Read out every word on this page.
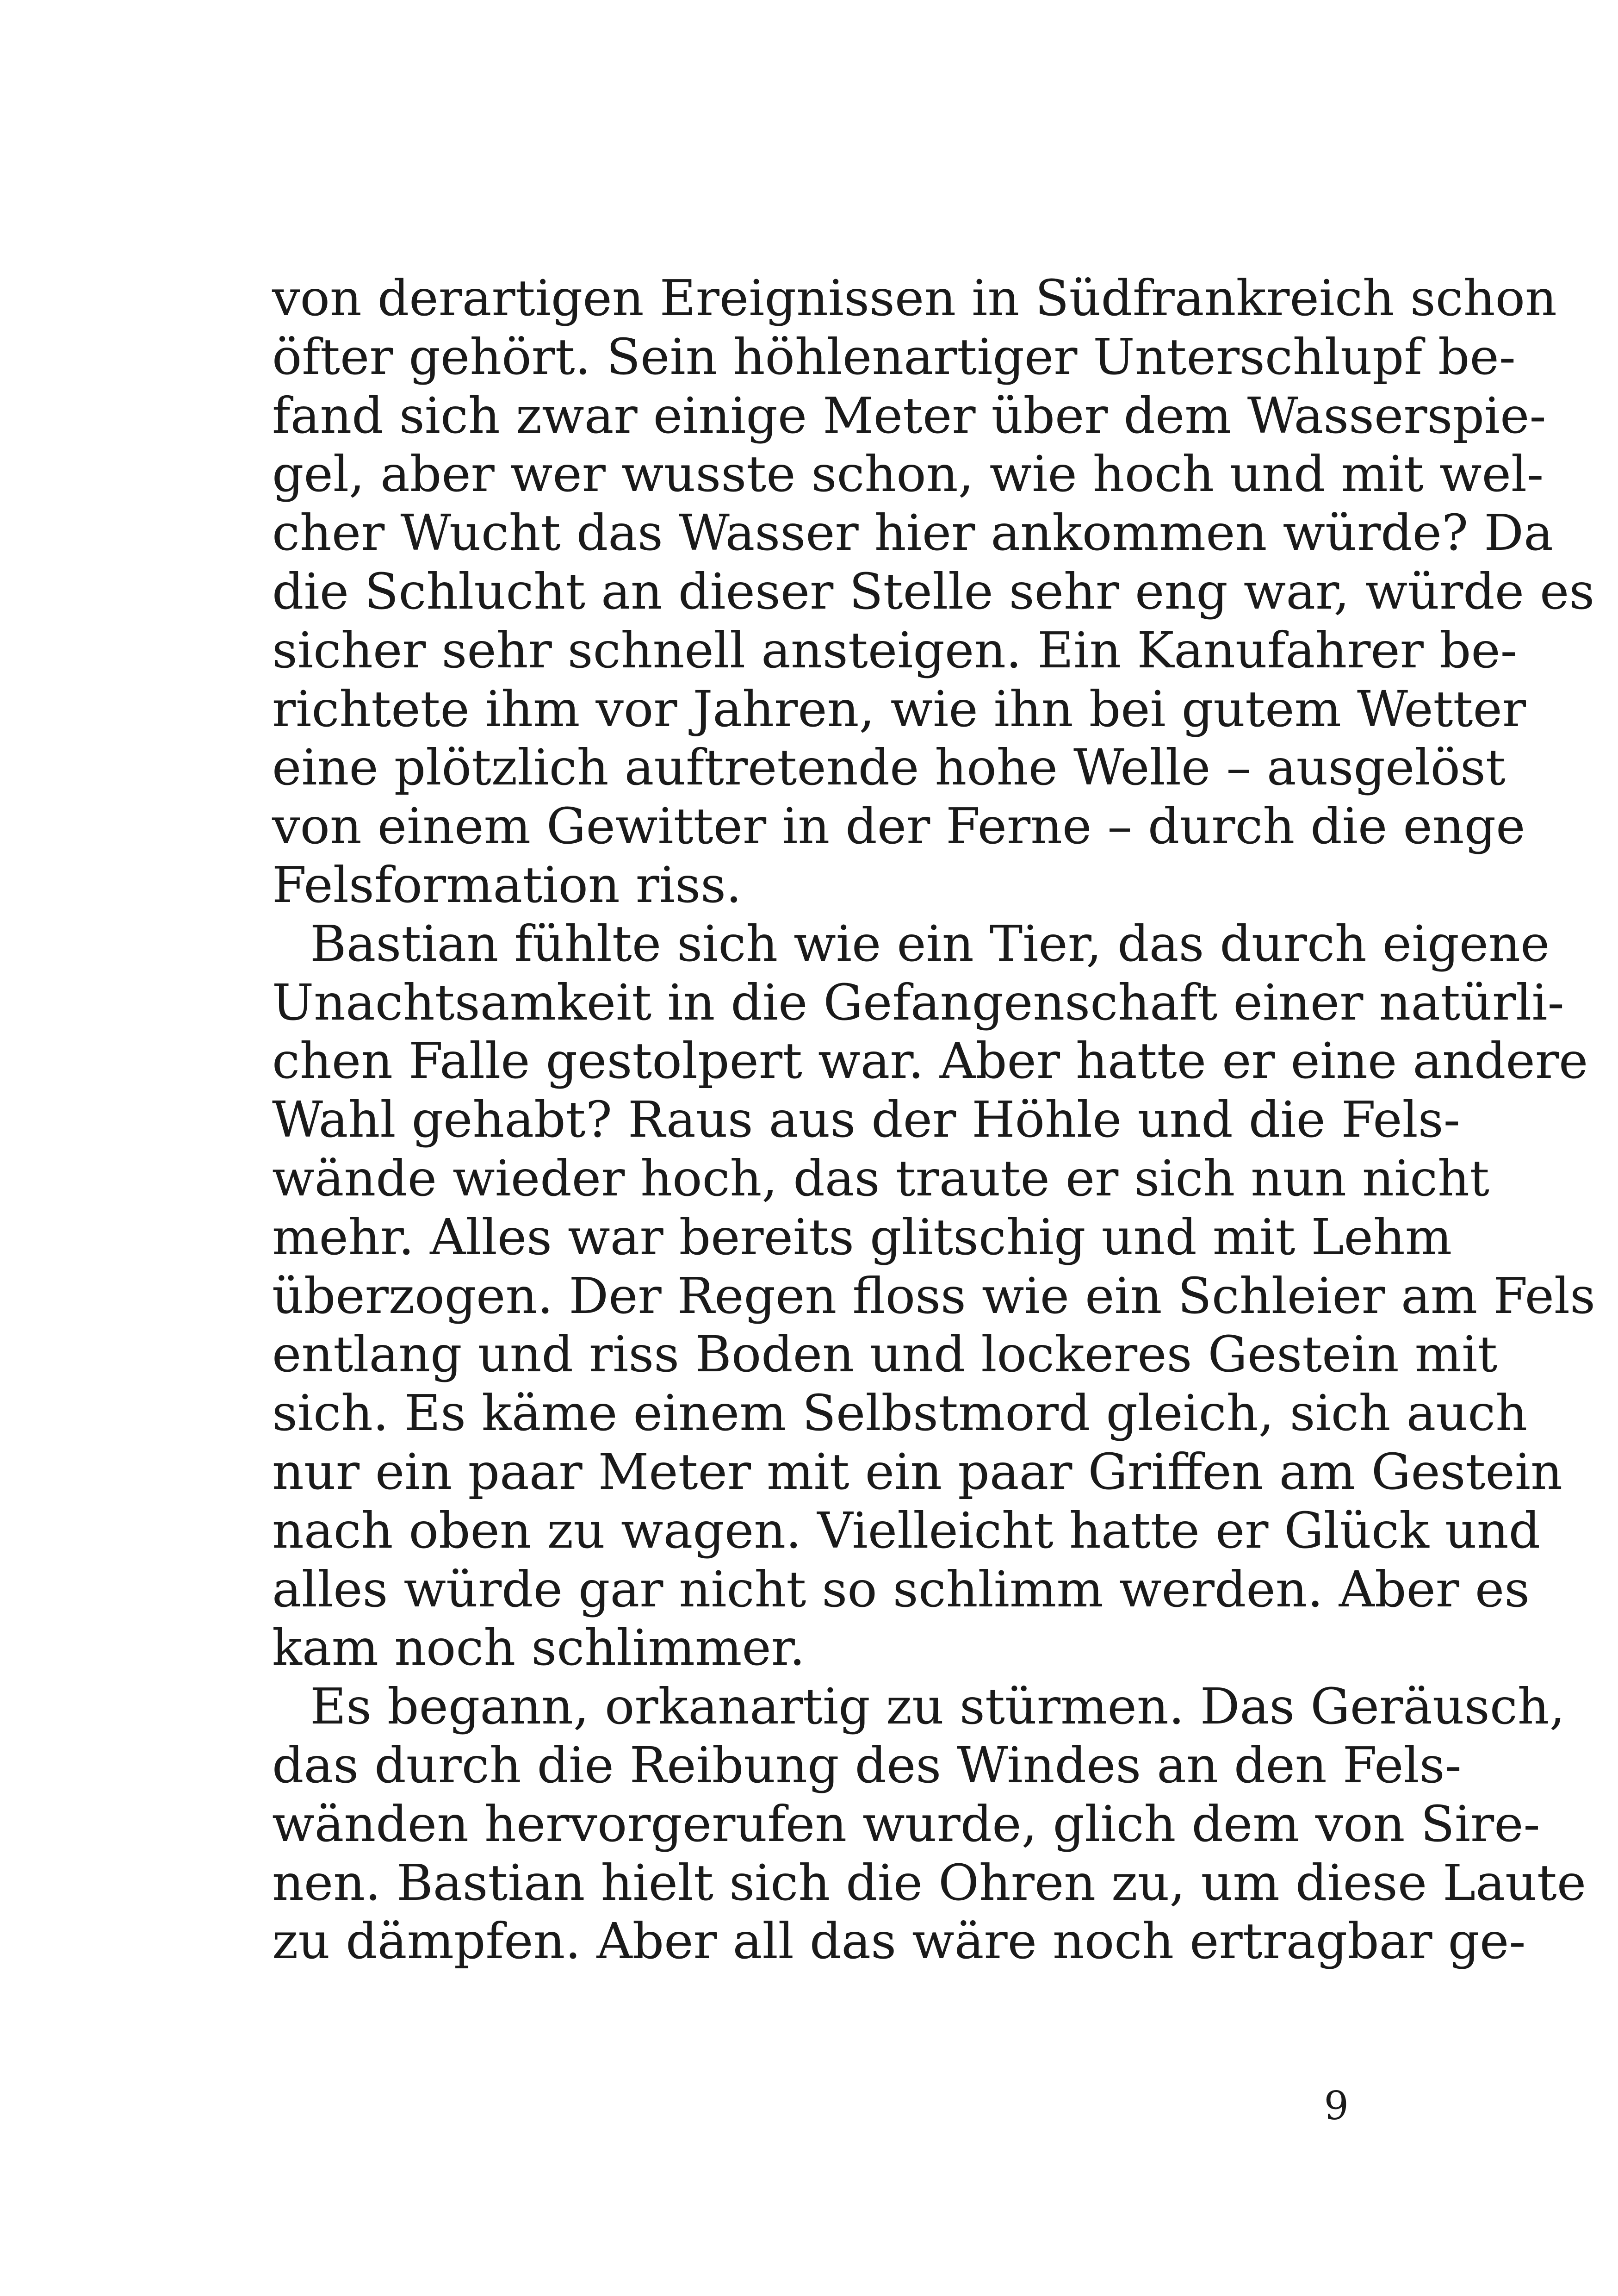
von derartigen Ereignissen in Südfrankreich schon
öfter gehört. Sein höhlenartiger Unterschlupf be-
fand sich zwar einige Meter über dem Wasserspie-
gel, aber wer wusste schon, wie hoch und mit wel-
cher Wucht das Wasser hier ankommen würde? Da
die Schlucht an dieser Stelle sehr eng war, würde es
sicher sehr schnell ansteigen. Ein Kanufahrer be-
richtete ihm vor Jahren, wie ihn bei gutem Wetter
eine plötzlich auftretende hohe Welle – ausgelöst
von einem Gewitter in der Ferne – durch die enge
Felsformation riss.

Bastian fühlte sich wie ein Tier, das durch eigene
Unachtsamkeit in die Gefangenschaft einer natürli-
chen Falle gestolpert war. Aber hatte er eine andere
Wahl gehabt? Raus aus der Höhle und die Fels-
wände wieder hoch, das traute er sich nun nicht
mehr. Alles war bereits glitschig und mit Lehm
überzogen. Der Regen floss wie ein Schleier am Fels
entlang und riss Boden und lockeres Gestein mit
sich. Es käme einem Selbstmord gleich, sich auch
nur ein paar Meter mit ein paar Griffen am Gestein
nach oben zu wagen. Vielleicht hatte er Glück und
alles würde gar nicht so schlimm werden. Aber es
kam noch schlimmer.

Es begann, orkanartig zu stürmen. Das Geräusch,
das durch die Reibung des Windes an den Fels-
wänden hervorgerufen wurde, glich dem von Sire-
nen. Bastian hielt sich die Ohren zu, um diese Laute
zu dämpfen. Aber all das wäre noch ertragbar ge-

9
